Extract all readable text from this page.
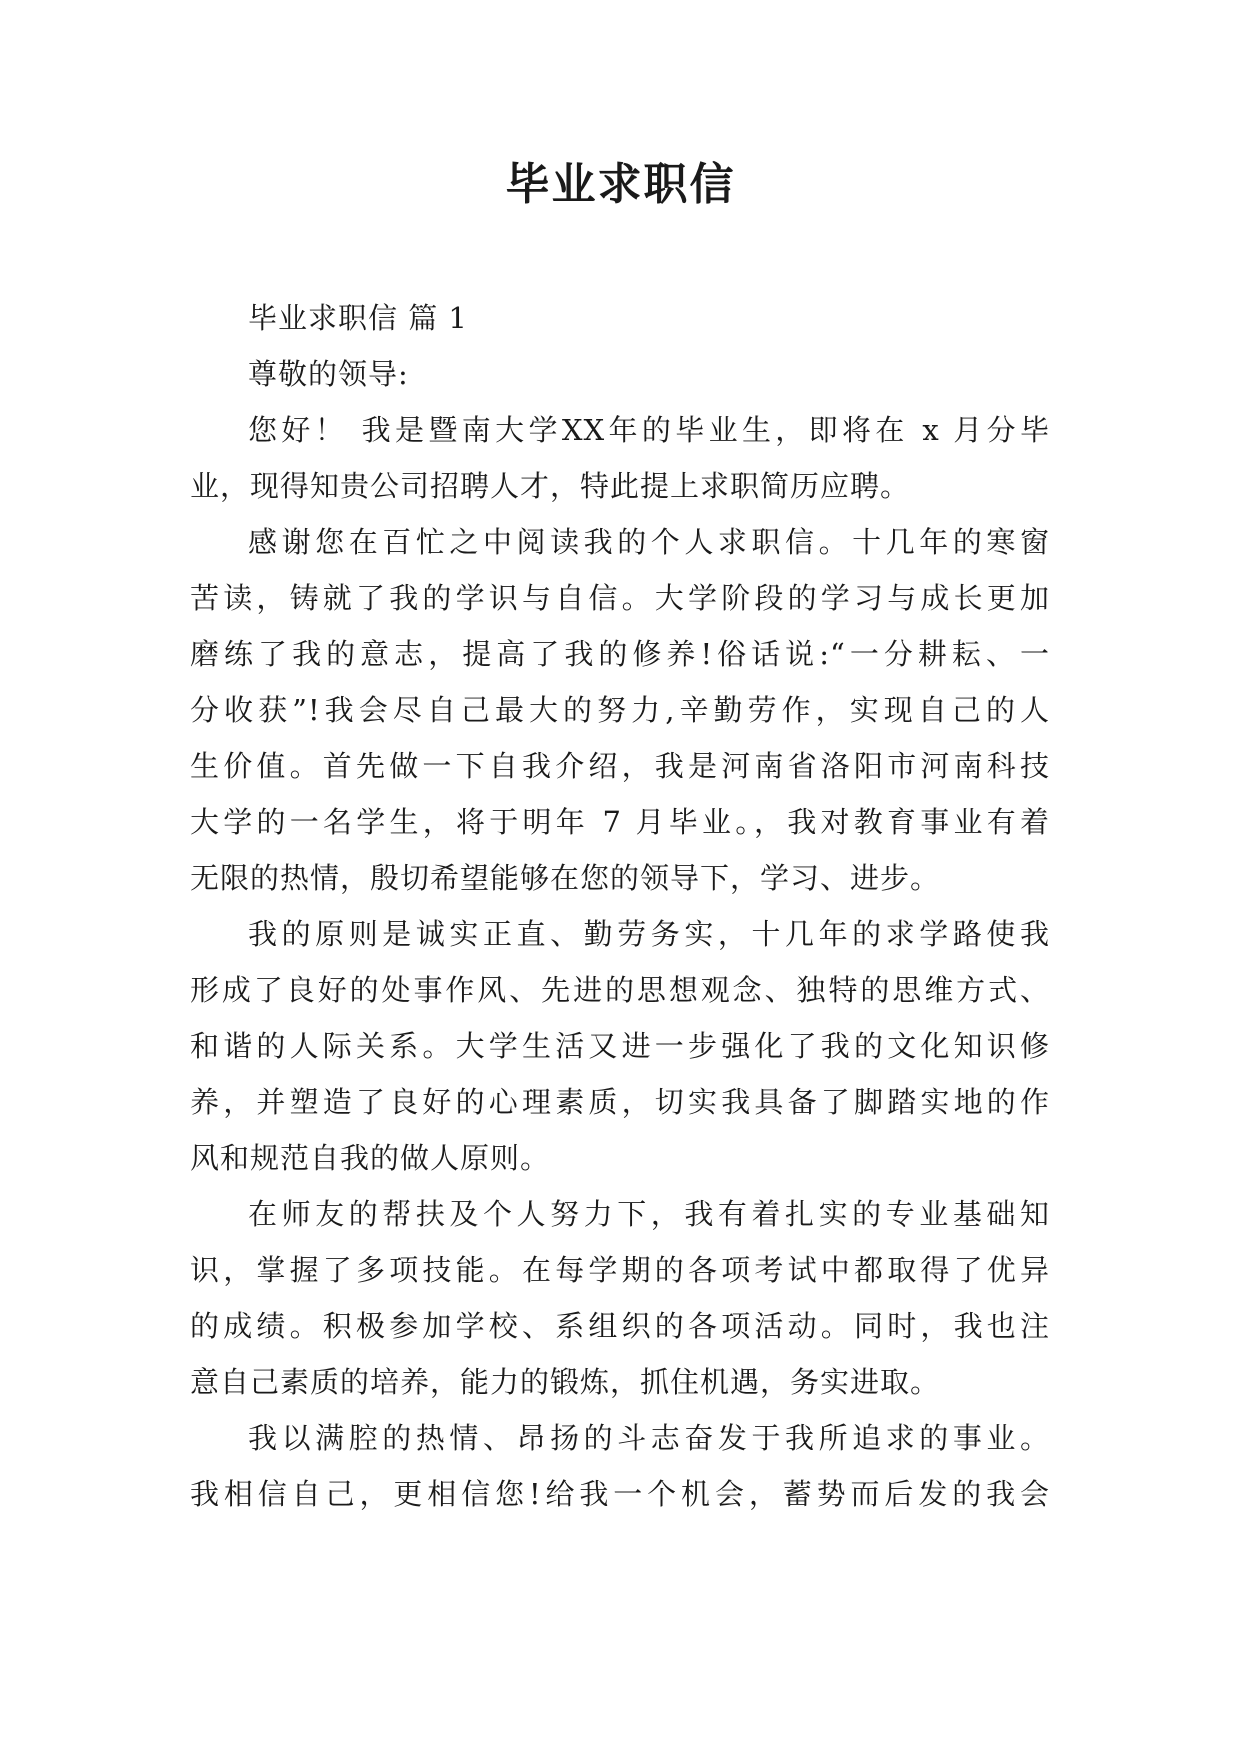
毕业求职信
毕业求职信 篇 1
尊敬的领导:
您好！ 我是暨南大学XX年的毕业生，即将在 x 月分毕
业，现得知贵公司招聘人才，特此提上求职简历应聘。
感谢您在百忙之中阅读我的个人求职信。十几年的寒窗
苦读，铸就了我的学识与自信。大学阶段的学习与成长更加
磨练了我的意志，提高了我的修养!俗话说:“一分耕耘、一
分收获”!我会尽自己最大的努力,辛勤劳作，实现自己的人
生价值。首先做一下自我介绍，我是河南省洛阳市河南科技
大学的一名学生，将于明年 7 月毕业。，我对教育事业有着
无限的热情，殷切希望能够在您的领导下，学习、进步。
我的原则是诚实正直、勤劳务实，十几年的求学路使我
形成了良好的处事作风、先进的思想观念、独特的思维方式、
和谐的人际关系。大学生活又进一步强化了我的文化知识修
养，并塑造了良好的心理素质，切实我具备了脚踏实地的作
风和规范自我的做人原则。
在师友的帮扶及个人努力下，我有着扎实的专业基础知
识，掌握了多项技能。在每学期的各项考试中都取得了优异
的成绩。积极参加学校、系组织的各项活动。同时，我也注
意自己素质的培养，能力的锻炼，抓住机遇，务实进取。
我以满腔的热情、昂扬的斗志奋发于我所追求的事业。
我相信自己，更相信您!给我一个机会，蓄势而后发的我会
